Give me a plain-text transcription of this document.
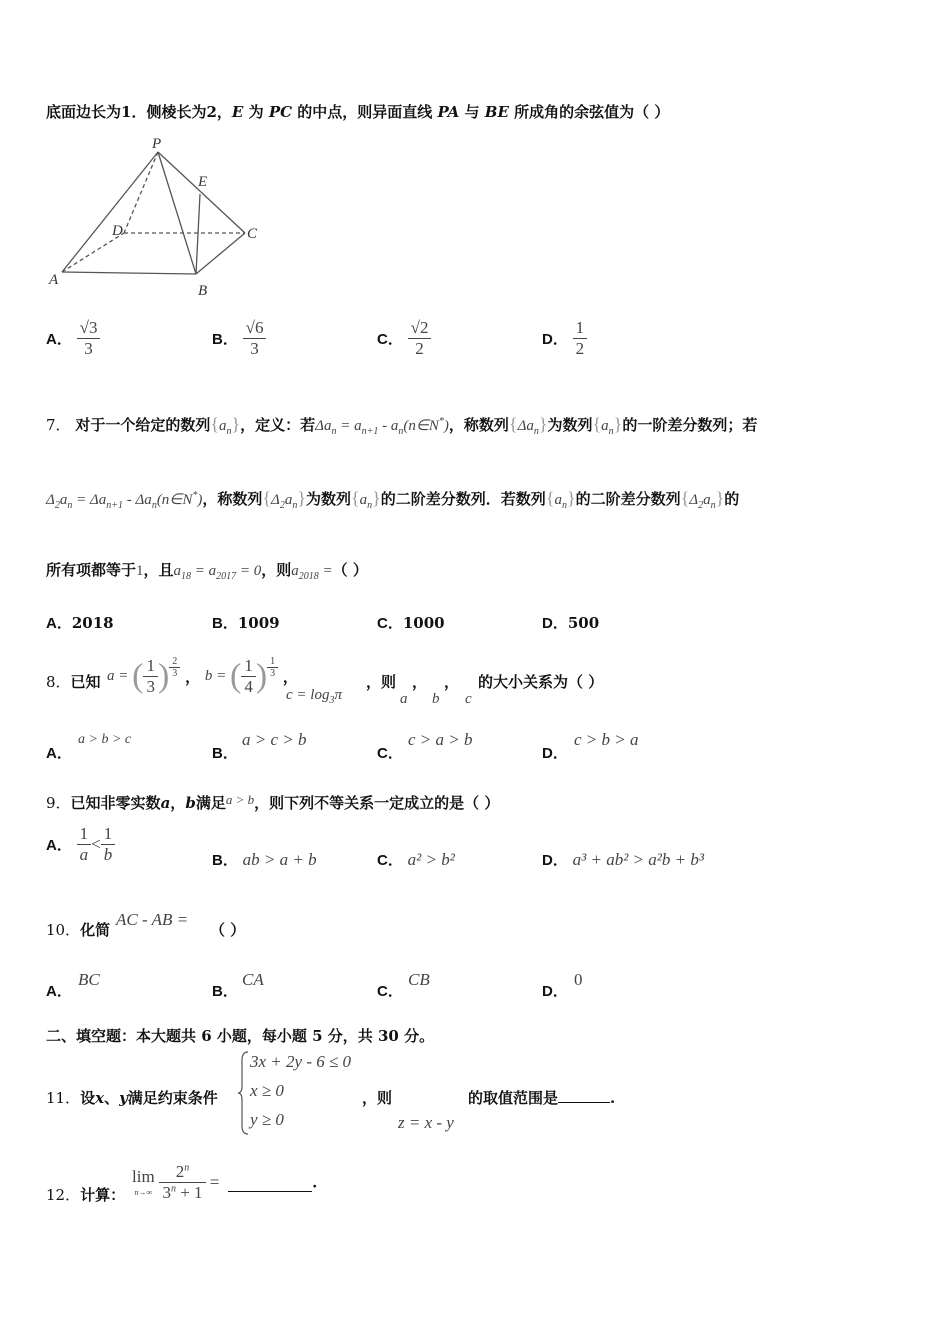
底面边长为1．侧棱长为2，E 为 PC 的中点，则异面直线 PA 与 BE 所成角的余弦值为（ ）
P
E
D	C
A
B
A． $\frac{√3}{3}$	B． $\frac{√6}{3}$	C． $\frac{√2}{2}$	D． $\frac{1}{2}$
7． 对于一个给定的数列$\{a_n\}$，定义：若$\Delta a_n = a_{n+1}$ - $a_n(n\in N^*)$，称数列$\{\Delta a_n\}$为数列$\{a_n\}$的一阶差分数列；若
$\Delta_2a_n = \Delta a_{n+1}$ - $\Delta a_n(n\in N^*)$，称数列$\{\Delta_2a_n\}$为数列$\{a_n\}$的二阶差分数列．若数列$\{a_n\}$的二阶差分数列$\{\Delta_2a_n\}$的
所有项都等于1，且$a_{18} = a_{2017} = 0$，则$a_{2018}$ =（ ）
A．2018	B．1009	C．1000	D．500
8．已知 a = ( $\frac{1}{3}$ ) $\frac{2}{3}$ ， b = ( $\frac{1}{4}$ ) $\frac{1}{3}$ ，
$c = \log_3\pi$
，则
a
，
b
，
c
的大小关系为（ ）
A．
a > b > c
B．
a > c > b
C．
c > a > b
D．
c > b > a
9．已知非零实数a，b满足a > b，则下列不等关系一定成立的是（ ）
A． $\frac{1}{a} < \frac{1}{b}$	B． ab > a + b	C． a² > b²	D． a³ + ab² > a²b + b³
10．化简
AC - AB =
（ ）
A．
BC
B．
CA
C．
CB
D．
0
二、填空题：本大题共 6 小题，每小题 5 分，共 30 分。
11．设x、y满足约束条件
3x + 2y - 6 ≤ 0
x ≥ 0
y ≥ 0
，则
z = x - y
的取值范围是	.
12．计算：
lim
n→∞
$\frac{2^n}{3^n + 1}$ =	.
